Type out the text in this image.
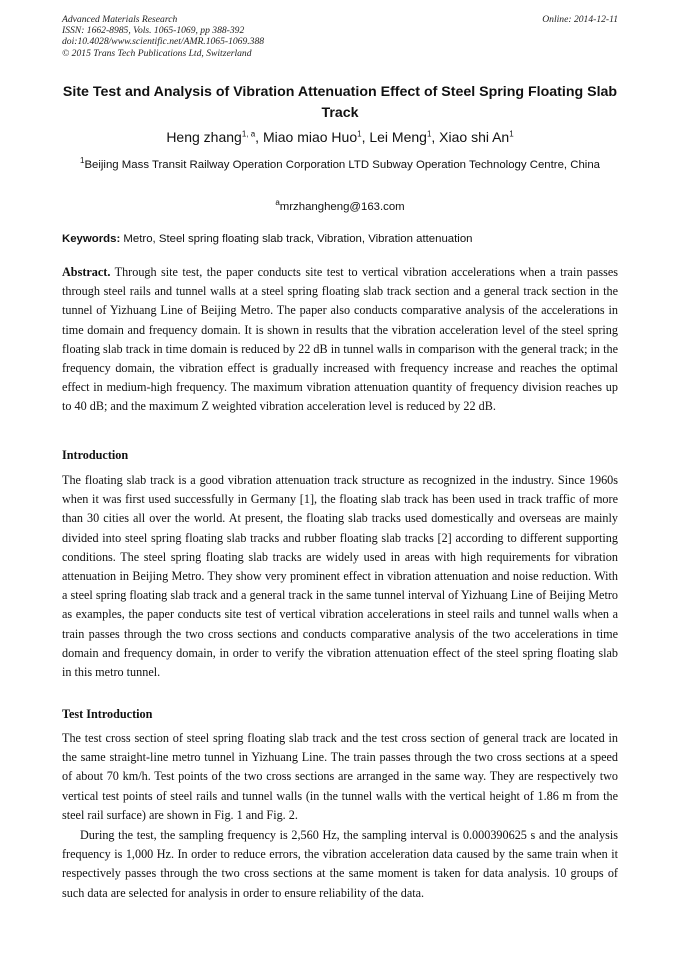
Advanced Materials Research
ISSN: 1662-8985, Vols. 1065-1069, pp 388-392
doi:10.4028/www.scientific.net/AMR.1065-1069.388
© 2015 Trans Tech Publications Ltd, Switzerland
Online: 2014-12-11
Site Test and Analysis of Vibration Attenuation Effect of Steel Spring Floating Slab Track
Heng zhang$^{1, a}$, Miao miao Huo$^1$, Lei Meng$^1$, Xiao shi An$^1$
$^1$Beijing Mass Transit Railway Operation Corporation LTD Subway Operation Technology Centre, China
$^a$mrzhangheng@163.com
Keywords: Metro, Steel spring floating slab track, Vibration, Vibration attenuation
Abstract. Through site test, the paper conducts site test to vertical vibration accelerations when a train passes through steel rails and tunnel walls at a steel spring floating slab track section and a general track section in the tunnel of Yizhuang Line of Beijing Metro. The paper also conducts comparative analysis of the accelerations in time domain and frequency domain. It is shown in results that the vibration acceleration level of the steel spring floating slab track in time domain is reduced by 22 dB in tunnel walls in comparison with the general track; in the frequency domain, the vibration effect is gradually increased with frequency increase and reaches the optimal effect in medium-high frequency. The maximum vibration attenuation quantity of frequency division reaches up to 40 dB; and the maximum Z weighted vibration acceleration level is reduced by 22 dB.
Introduction
The floating slab track is a good vibration attenuation track structure as recognized in the industry. Since 1960s when it was first used successfully in Germany [1], the floating slab track has been used in track traffic of more than 30 cities all over the world. At present, the floating slab tracks used domestically and overseas are mainly divided into steel spring floating slab tracks and rubber floating slab tracks [2] according to different supporting conditions. The steel spring floating slab tracks are widely used in areas with high requirements for vibration attenuation in Beijing Metro. They show very prominent effect in vibration attenuation and noise reduction. With a steel spring floating slab track and a general track in the same tunnel interval of Yizhuang Line of Beijing Metro as examples, the paper conducts site test of vertical vibration accelerations in steel rails and tunnel walls when a train passes through the two cross sections and conducts comparative analysis of the two accelerations in time domain and frequency domain, in order to verify the vibration attenuation effect of the steel spring floating slab in this metro tunnel.
Test Introduction
The test cross section of steel spring floating slab track and the test cross section of general track are located in the same straight-line metro tunnel in Yizhuang Line. The train passes through the two cross sections at a speed of about 70 km/h. Test points of the two cross sections are arranged in the same way. They are respectively two vertical test points of steel rails and tunnel walls (in the tunnel walls with the vertical height of 1.86 m from the steel rail surface) are shown in Fig. 1 and Fig. 2.
During the test, the sampling frequency is 2,560 Hz, the sampling interval is 0.000390625 s and the analysis frequency is 1,000 Hz. In order to reduce errors, the vibration acceleration data caused by the same train when it respectively passes through the two cross sections at the same moment is taken for data analysis. 10 groups of such data are selected for analysis in order to ensure reliability of the data.
